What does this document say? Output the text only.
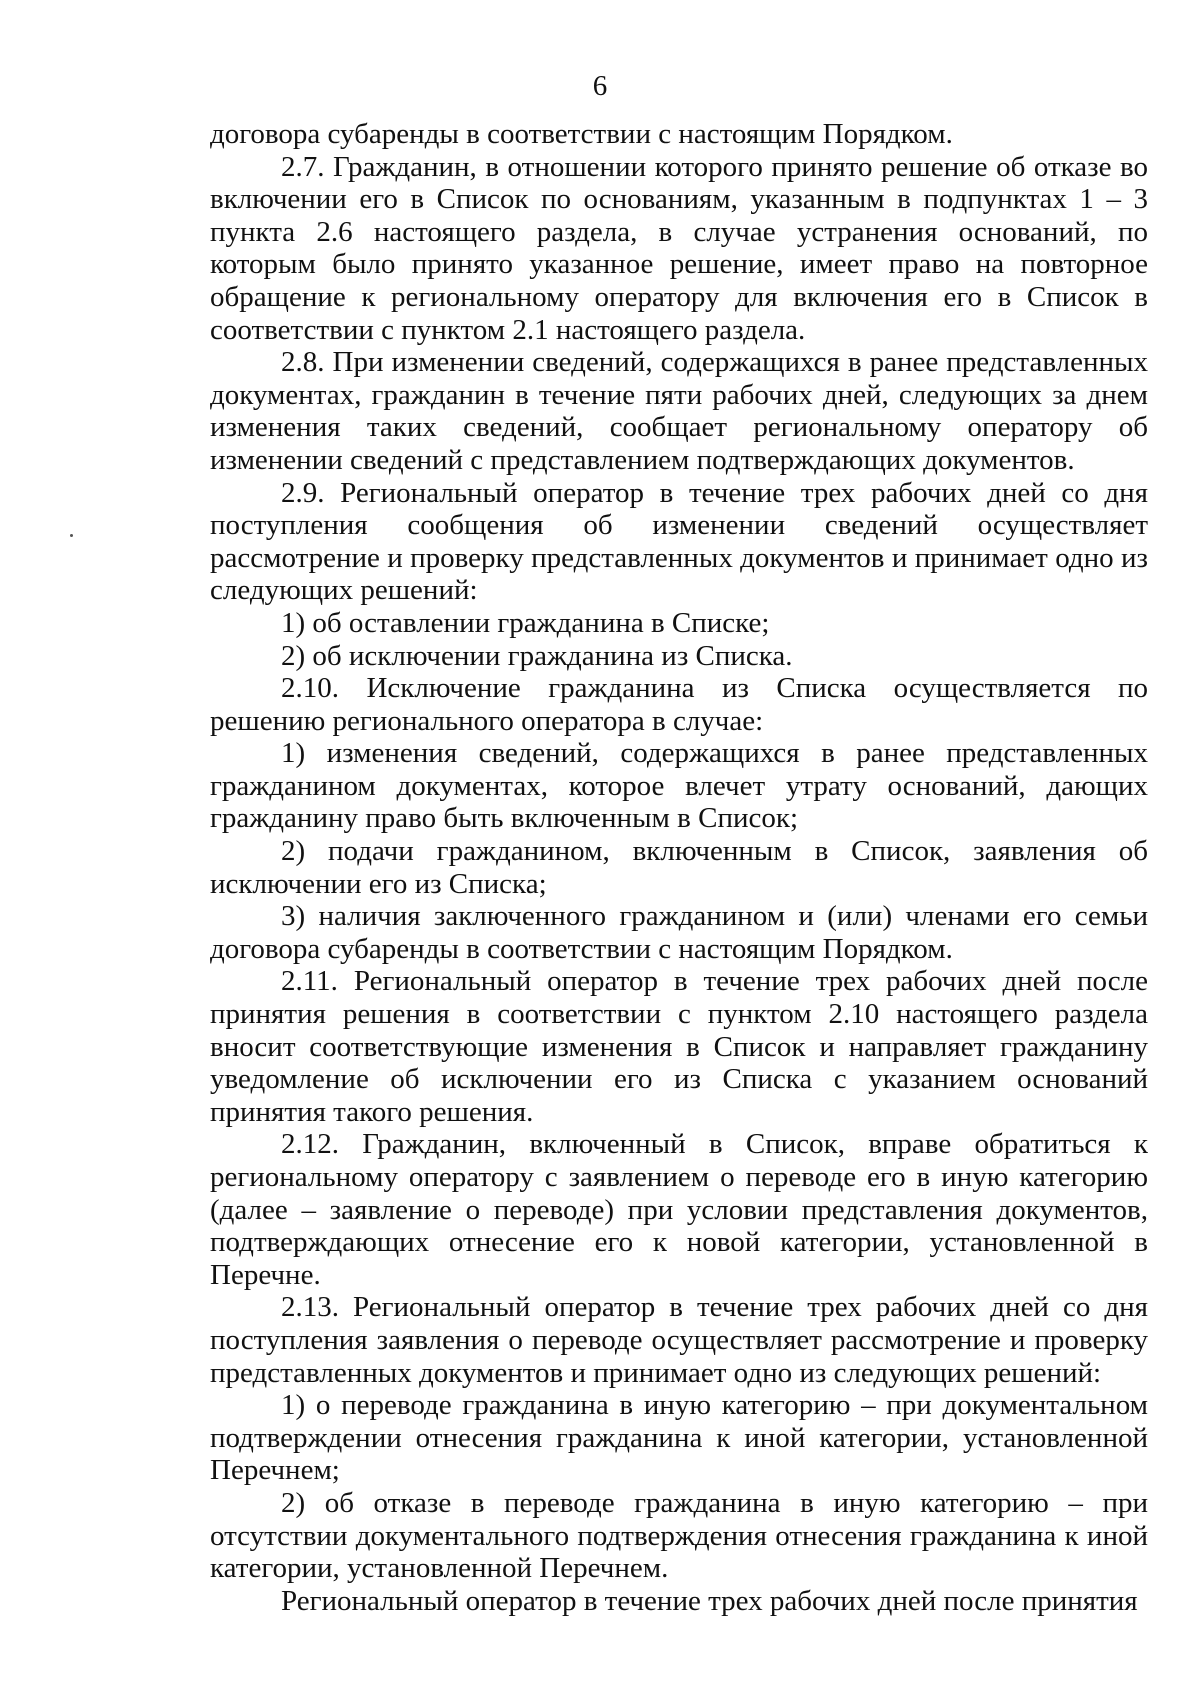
6

договора субаренды в соответствии с настоящим Порядком.

2.7. Гражданин, в отношении которого принято решение об отказе во включении его в Список по основаниям, указанным в подпунктах 1 – 3 пункта 2.6 настоящего раздела, в случае устранения оснований, по которым было принято указанное решение, имеет право на повторное обращение к региональному оператору для включения его в Список в соответствии с пунктом 2.1 настоящего раздела.

2.8. При изменении сведений, содержащихся в ранее представленных документах, гражданин в течение пяти рабочих дней, следующих за днем изменения таких сведений, сообщает региональному оператору об изменении сведений с представлением подтверждающих документов.

2.9. Региональный оператор в течение трех рабочих дней со дня поступления сообщения об изменении сведений осуществляет рассмотрение и проверку представленных документов и принимает одно из следующих решений:

1) об оставлении гражданина в Списке;

2) об исключении гражданина из Списка.

2.10. Исключение гражданина из Списка осуществляется по решению регионального оператора в случае:

1) изменения сведений, содержащихся в ранее представленных гражданином документах, которое влечет утрату оснований, дающих гражданину право быть включенным в Список;

2) подачи гражданином, включенным в Список, заявления об исключении его из Списка;

3) наличия заключенного гражданином и (или) членами его семьи договора субаренды в соответствии с настоящим Порядком.

2.11. Региональный оператор в течение трех рабочих дней после принятия решения в соответствии с пунктом 2.10 настоящего раздела вносит соответствующие изменения в Список и направляет гражданину уведомление об исключении его из Списка с указанием оснований принятия такого решения.

2.12. Гражданин, включенный в Список, вправе обратиться к региональному оператору с заявлением о переводе его в иную категорию (далее – заявление о переводе) при условии представления документов, подтверждающих отнесение его к новой категории, установленной в Перечне.

2.13. Региональный оператор в течение трех рабочих дней со дня поступления заявления о переводе осуществляет рассмотрение и проверку представленных документов и принимает одно из следующих решений:

1) о переводе гражданина в иную категорию – при документальном подтверждении отнесения гражданина к иной категории, установленной Перечнем;

2) об отказе в переводе гражданина в иную категорию – при отсутствии документального подтверждения отнесения гражданина к иной категории, установленной Перечнем.

Региональный оператор в течение трех рабочих дней после принятия
